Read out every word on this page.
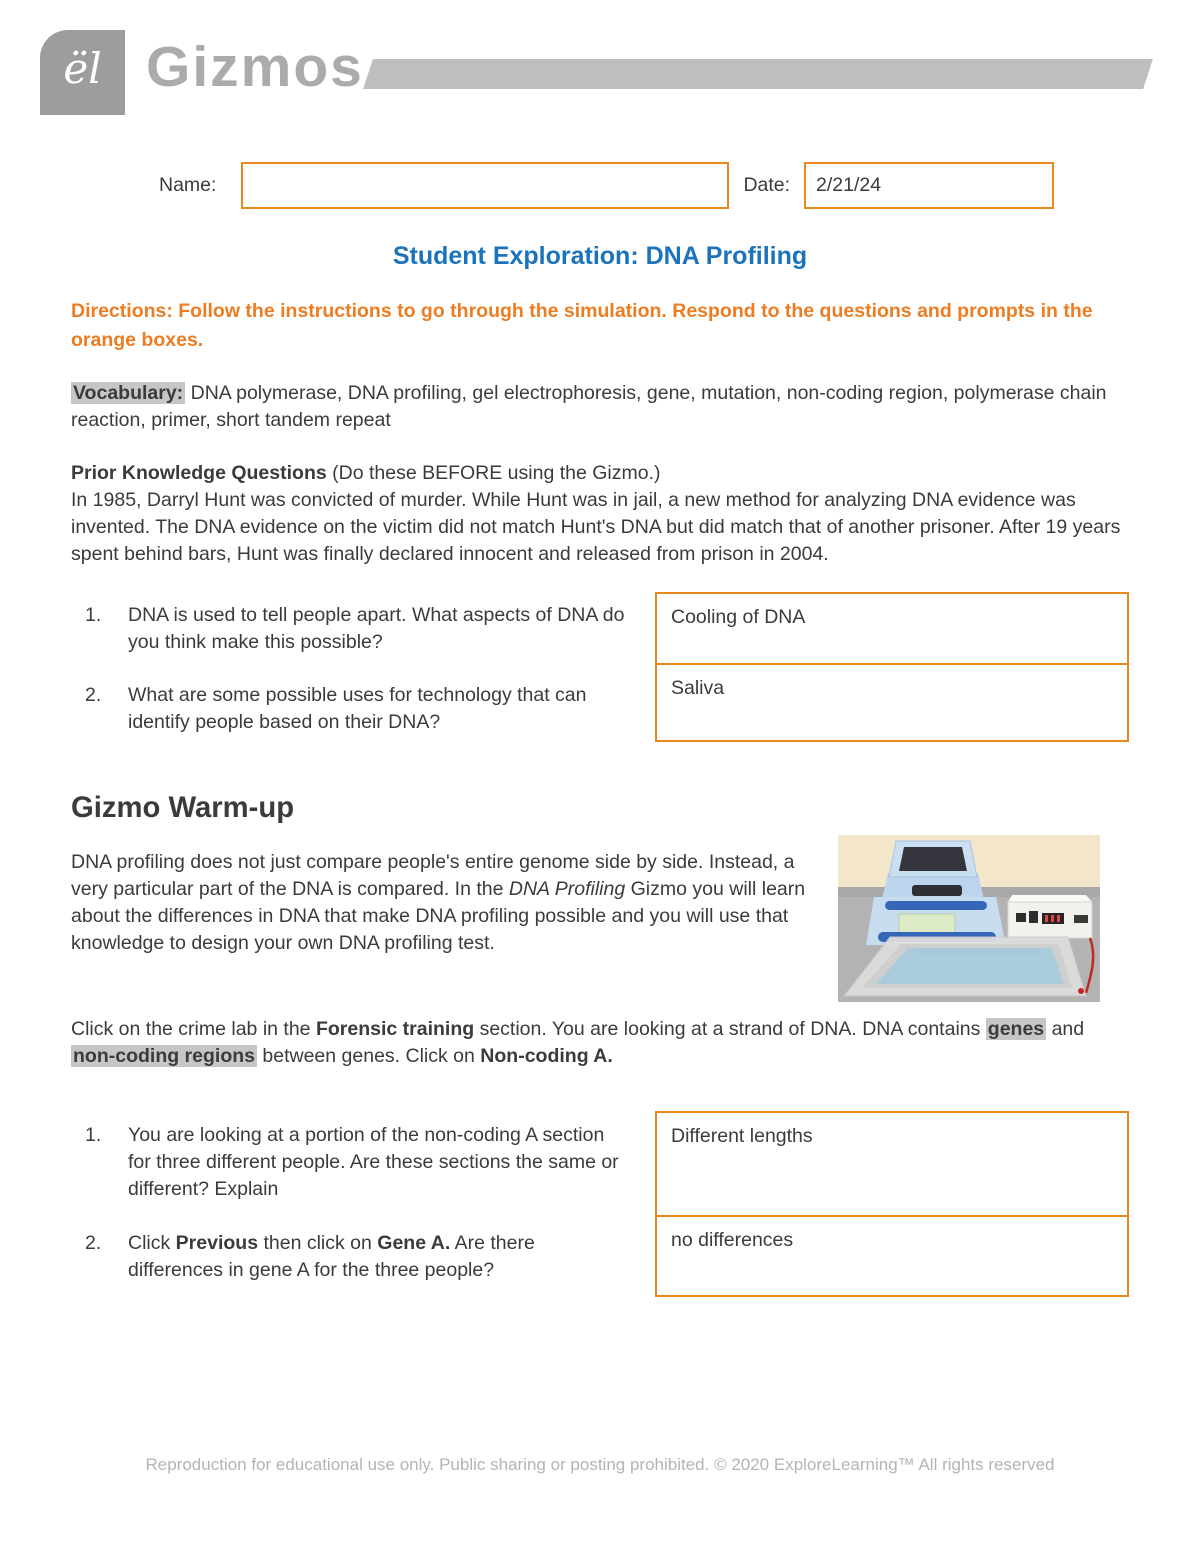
ël Gizmos
Name:	Date:	2/21/24
Student Exploration: DNA Profiling

Directions: Follow the instructions to go through the simulation. Respond to the questions and prompts in the orange boxes.

Vocabulary: DNA polymerase, DNA profiling, gel electrophoresis, gene, mutation, non-coding region, polymerase chain reaction, primer, short tandem repeat

Prior Knowledge Questions (Do these BEFORE using the Gizmo.)
In 1985, Darryl Hunt was convicted of murder. While Hunt was in jail, a new method for analyzing DNA evidence was invented. The DNA evidence on the victim did not match Hunt's DNA but did match that of another prisoner. After 19 years spent behind bars, Hunt was finally declared innocent and released from prison in 2004.
1.	DNA is used to tell people apart. What aspects of DNA do you think make this possible?
Cooling of DNA
2.	What are some possible uses for technology that can identify people based on their DNA?
Saliva
Gizmo Warm-up

DNA profiling does not just compare people's entire genome side by side. Instead, a very particular part of the DNA is compared. In the DNA Profiling Gizmo you will learn about the differences in DNA that make DNA profiling possible and you will use that knowledge to design your own DNA profiling test.

Click on the crime lab in the Forensic training section. You are looking at a strand of DNA. DNA contains genes and non-coding regions between genes. Click on Non-coding A.

1.	You are looking at a portion of the non-coding A section for three different people. Are these sections the same or different? Explain
Different lengths
2.	Click Previous then click on Gene A. Are there differences in gene A for the three people?
no differences
Reproduction for educational use only. Public sharing or posting prohibited. © 2020 ExploreLearning™ All rights reserved
